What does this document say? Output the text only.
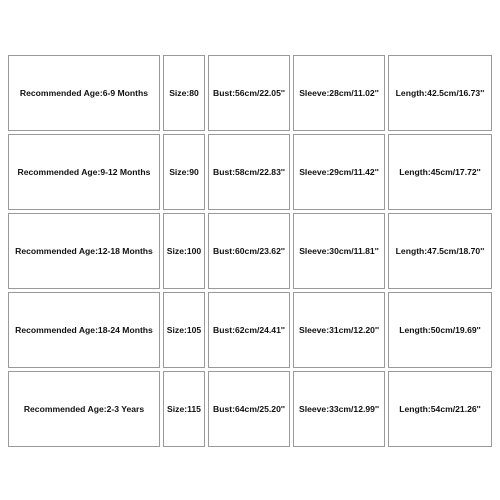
Recommended Age:6-9 Months	Size:80	Bust:56cm/22.05''	Sleeve:28cm/11.02''	Length:42.5cm/16.73''
Recommended Age:9-12 Months	Size:90	Bust:58cm/22.83''	Sleeve:29cm/11.42''	Length:45cm/17.72''
Recommended Age:12-18 Months	Size:100	Bust:60cm/23.62''	Sleeve:30cm/11.81''	Length:47.5cm/18.70''
Recommended Age:18-24 Months	Size:105	Bust:62cm/24.41''	Sleeve:31cm/12.20''	Length:50cm/19.69''
Recommended Age:2-3 Years	Size:115	Bust:64cm/25.20''	Sleeve:33cm/12.99''	Length:54cm/21.26''
